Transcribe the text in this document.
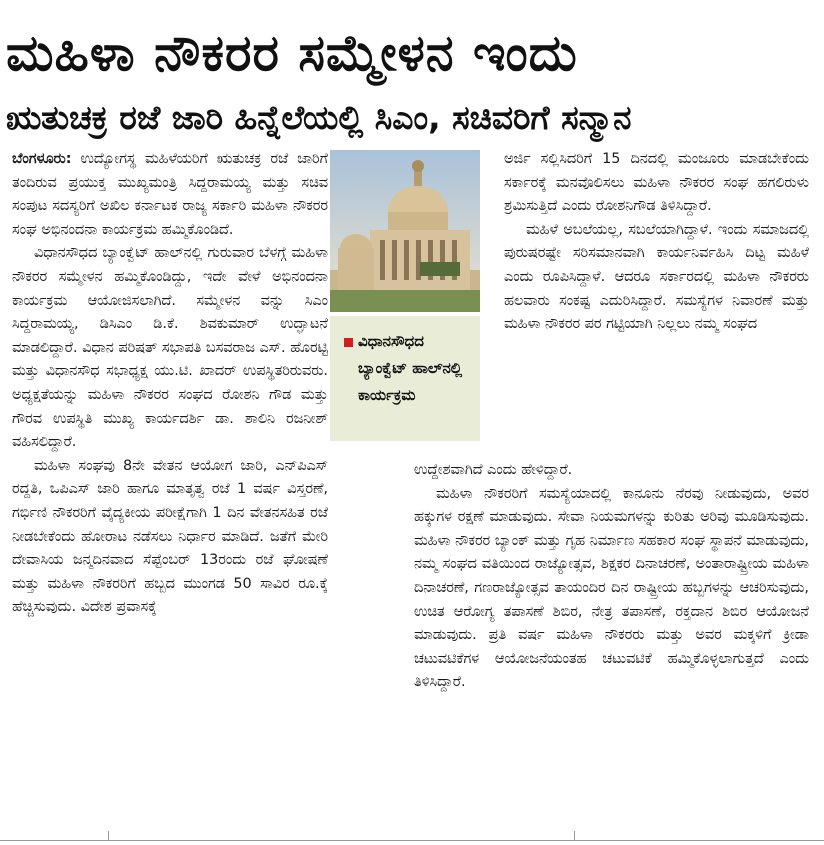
ಮಹಿಳಾ ನೌಕರರ ಸಮ್ಮೇಳನ ಇಂದು
ಋತುಚಕ್ರ ರಜೆ ಜಾರಿ ಹಿನ್ನೆಲೆಯಲ್ಲಿ ಸಿಎಂ, ಸಚಿವರಿಗೆ ಸನ್ಮಾನ

ಬೆಂಗಳೂರು: ಉದ್ಯೋಗಸ್ಥ ಮಹಿಳೆಯರಿಗೆ ಋತುಚಕ್ರ ರಜೆ ಜಾರಿಗೆ ತಂದಿರುವ ಪ್ರಯುಕ್ತ ಮುಖ್ಯಮಂತ್ರಿ ಸಿದ್ದರಾಮಯ್ಯ ಮತ್ತು ಸಚಿವ ಸಂಪುಟ ಸದಸ್ಯರಿಗೆ ಅಖಿಲ ಕರ್ನಾಟಕ ರಾಜ್ಯ ಸರ್ಕಾರಿ ಮಹಿಳಾ ನೌಕರರ ಸಂಘ ಅಭಿನಂದನಾ ಕಾರ್ಯಕ್ರಮ ಹಮ್ಮಿಕೊಂಡಿದೆ.

ವಿಧಾನಸೌಧದ ಬ್ಯಾಂಕ್ವೆಟ್ ಹಾಲ್‌ನಲ್ಲಿ ಗುರುವಾರ ಬೆಳಗ್ಗೆ ಮಹಿಳಾ ನೌಕರರ ಸಮ್ಮೇಳನ ಹಮ್ಮಿಕೊಂಡಿದ್ದು, ಇದೇ ವೇಳೆ ಅಭಿನಂದನಾ ಕಾರ್ಯಕ್ರಮ ಆಯೋಜಿಸಲಾಗಿದೆ. ಸಮ್ಮೇಳನ ವನ್ನು ಸಿಎಂ ಸಿದ್ದರಾಮಯ್ಯ, ಡಿಸಿಎಂ ಡಿ.ಕೆ. ಶಿವಕುಮಾರ್ ಉದ್ಘಾಟನೆ ಮಾಡಲಿದ್ದಾರೆ. ವಿಧಾನ ಪರಿಷತ್ ಸಭಾಪತಿ ಬಸವರಾಜ ಎಸ್. ಹೊರಟ್ಟಿ ಮತ್ತು ವಿಧಾನಸೌಧ ಸಭಾಧ್ಯಕ್ಷ ಯು.ಟಿ. ಖಾದರ್ ಉಪಸ್ಥಿತರಿರುವರು. ಅಧ್ಯಕ್ಷತೆಯನ್ನು ಮಹಿಳಾ ನೌಕರರ ಸಂಘದ ರೋಶನಿ ಗೌಡ ಮತ್ತು ಗೌರವ ಉಪಸ್ಥಿತಿ ಮುಖ್ಯ ಕಾರ್ಯದರ್ಶಿ ಡಾ. ಶಾಲಿನಿ ರಜನೀಶ್ ವಹಿಸಲಿದ್ದಾರೆ.

ಮಹಿಳಾ ಸಂಘವು 8ನೇ ವೇತನ ಆಯೋಗ ಜಾರಿ, ಎನ್‌ಪಿಎಸ್ ರದ್ದತಿ, ಒಪಿಎಸ್ ಜಾರಿ ಹಾಗೂ ಮಾತೃತ್ವ ರಜೆ 1 ವರ್ಷ ವಿಸ್ತರಣೆ, ಗರ್ಭಿಣಿ ನೌಕರರಿಗೆ ವೈದ್ಯಕೀಯ ಪರೀಕ್ಷೆಗಾಗಿ 1 ದಿನ ವೇತನಸಹಿತ ರಜೆ ನೀಡಬೇಕೆಂದು ಹೋರಾಟ ನಡೆಸಲು ನಿರ್ಧಾರ ಮಾಡಿದೆ. ಜತೆಗೆ ಮೇರಿ ದೇವಾಸಿಯ ಜನ್ಮದಿನವಾದ ಸೆಪ್ಟೆಂಬರ್ 13ರಂದು ರಜೆ ಘೋಷಣೆ ಮತ್ತು ಮಹಿಳಾ ನೌಕರರಿಗೆ ಹಬ್ಬದ ಮುಂಗಡ 50 ಸಾವಿರ ರೂ.ಕ್ಕೆ ಹೆಚ್ಚಿಸುವುದು. ವಿದೇಶ ಪ್ರವಾಸಕ್ಕೆ

ವಿಧಾನಸೌಧದ ಬ್ಯಾಂಕ್ವೆಟ್ ಹಾಲ್‌ನಲ್ಲಿ ಕಾರ್ಯಕ್ರಮ

ಅರ್ಜಿ ಸಲ್ಲಿಸಿದರಿಗೆ 15 ದಿನದಲ್ಲಿ ಮಂಜೂರು ಮಾಡಬೇಕೆಂದು ಸರ್ಕಾರಕ್ಕೆ ಮನವೊಲಿಸಲು ಮಹಿಳಾ ನೌಕರರ ಸಂಘ ಹಗಲಿರುಳು ಶ್ರಮಿಸುತ್ತಿದೆ ಎಂದು ರೋಶನಿಗೌಡ ತಿಳಿಸಿದ್ದಾರೆ.

ಮಹಿಳೆ ಅಬಲೆಯಲ್ಲ, ಸಬಲೆಯಾಗಿದ್ದಾಳೆ. ಇಂದು ಸಮಾಜದಲ್ಲಿ ಪುರುಷರಷ್ಟೇ ಸರಿಸಮಾನವಾಗಿ ಕಾರ್ಯನಿರ್ವಹಿಸಿ ದಿಟ್ಟ ಮಹಿಳೆ ಎಂದು ರೂಪಿಸಿದ್ದಾಳೆ. ಆದರೂ ಸರ್ಕಾರದಲ್ಲಿ ಮಹಿಳಾ ನೌಕರರು ಹಲವಾರು ಸಂಕಷ್ಟ ಎದುರಿಸಿದ್ದಾರೆ. ಸಮಸ್ಯೆಗಳ ನಿವಾರಣೆ ಮತ್ತು ಮಹಿಳಾ ನೌಕರರ ಪರ ಗಟ್ಟಿಯಾಗಿ ನಿಲ್ಲಲು ನಮ್ಮ ಸಂಘದ

ಉದ್ದೇಶವಾಗಿದೆ ಎಂದು ಹೇಳಿದ್ದಾರೆ.

ಮಹಿಳಾ ನೌಕರರಿಗೆ ಸಮಸ್ಯೆಯಾದಲ್ಲಿ ಕಾನೂನು ನೆರವು ನೀಡುವುದು, ಅವರ ಹಕ್ಕುಗಳ ರಕ್ಷಣೆ ಮಾಡುವುದು. ಸೇವಾ ನಿಯಮಗಳನ್ನು ಕುರಿತು ಅರಿವು ಮೂಡಿಸುವುದು. ಮಹಿಳಾ ನೌಕರರ ಬ್ಯಾಂಕ್ ಮತ್ತು ಗೃಹ ನಿರ್ಮಾಣ ಸಹಕಾರ ಸಂಘ ಸ್ಥಾಪನೆ ಮಾಡುವುದು, ನಮ್ಮ ಸಂಘದ ವತಿಯಿಂದ ರಾಜ್ಯೋತ್ಸವ, ಶಿಕ್ಷಕರ ದಿನಾಚರಣೆ, ಅಂತಾರಾಷ್ಟ್ರೀಯ ಮಹಿಳಾ ದಿನಾಚರಣೆ, ಗಣರಾಜ್ಯೋತ್ಸವ ತಾಯಂದಿರ ದಿನ ರಾಷ್ಟ್ರೀಯ ಹಬ್ಬಗಳನ್ನು ಆಚರಿಸುವುದು, ಉಚಿತ ಆರೋಗ್ಯ ತಪಾಸಣೆ ಶಿಬಿರ, ನೇತ್ರ ತಪಾಸಣೆ, ರಕ್ತದಾನ ಶಿಬಿರ ಆಯೋಜನೆ ಮಾಡುವುದು. ಪ್ರತಿ ವರ್ಷ ಮಹಿಳಾ ನೌಕರರು ಮತ್ತು ಅವರ ಮಕ್ಕಳಿಗೆ ಕ್ರೀಡಾ ಚಟುವಟಿಕೆಗಳ ಆಯೋಜನೆಯಂತಹ ಚಟುವಟಿಕೆ ಹಮ್ಮಿಕೊಳ್ಳಲಾಗುತ್ತದೆ ಎಂದು ತಿಳಿಸಿದ್ದಾರೆ.
